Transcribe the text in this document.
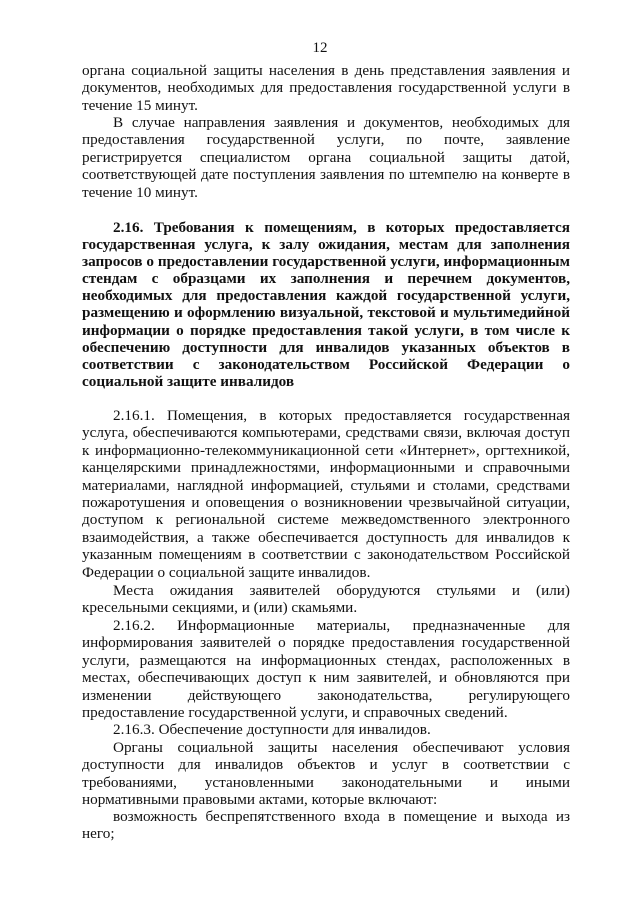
12

органа социальной защиты населения в день представления заявления и
документов, необходимых для предоставления государственной услуги в
течение 15 минут.

В случае направления заявления и документов, необходимых для
предоставления государственной услуги, по почте, заявление
регистрируется специалистом органа социальной защиты датой,
соответствующей дате поступления заявления по штемпелю на конверте в
течение 10 минут.

2.16. Требования к помещениям, в которых предоставляется
государственная услуга, к залу ожидания, местам для заполнения
запросов о предоставлении государственной услуги, информационным
стендам с образцами их заполнения и перечнем документов,
необходимых для предоставления каждой государственной услуги,
размещению и оформлению визуальной, текстовой и мультимедийной
информации о порядке предоставления такой услуги, в том числе к
обеспечению доступности для инвалидов указанных объектов в
соответствии с законодательством Российской Федерации о
социальной защите инвалидов

2.16.1. Помещения, в которых предоставляется государственная
услуга, обеспечиваются компьютерами, средствами связи, включая доступ
к информационно-телекоммуникационной сети «Интернет», оргтехникой,
канцелярскими принадлежностями, информационными и справочными
материалами, наглядной информацией, стульями и столами, средствами
пожаротушения и оповещения о возникновении чрезвычайной ситуации,
доступом к региональной системе межведомственного электронного
взаимодействия, а также обеспечивается доступность для инвалидов к
указанным помещениям в соответствии с законодательством Российской
Федерации о социальной защите инвалидов.

Места ожидания заявителей оборудуются стульями и (или)
кресельными секциями, и (или) скамьями.

2.16.2. Информационные материалы, предназначенные для
информирования заявителей о порядке предоставления государственной
услуги, размещаются на информационных стендах, расположенных в
местах, обеспечивающих доступ к ним заявителей, и обновляются при
изменении действующего законодательства, регулирующего
предоставление государственной услуги, и справочных сведений.

2.16.3. Обеспечение доступности для инвалидов.

Органы социальной защиты населения обеспечивают условия
доступности для инвалидов объектов и услуг в соответствии с
требованиями, установленными законодательными и иными
нормативными правовыми актами, которые включают:

возможность беспрепятственного входа в помещение и выхода из
него;
